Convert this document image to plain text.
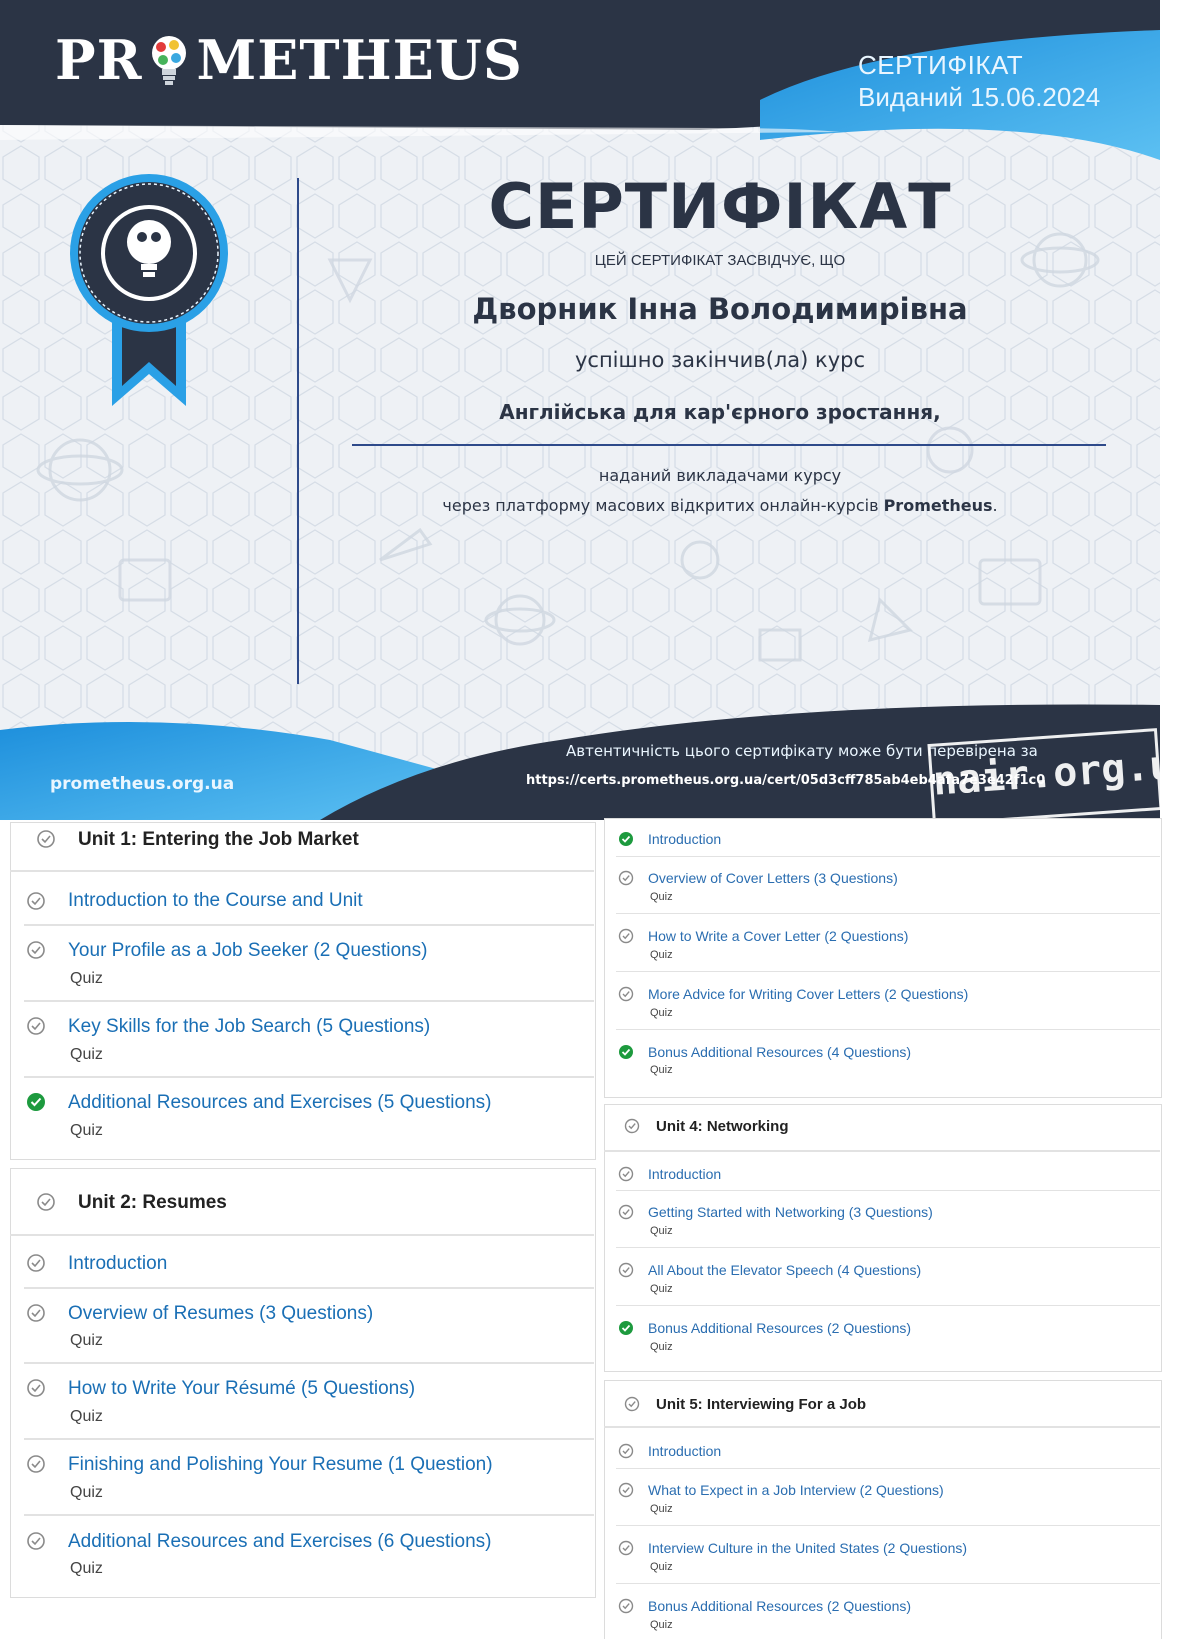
PR METHEUS	СЕРТИФІКАТ
Виданий 15.06.2024
СЕРТИФІКАТ
ЦЕЙ СЕРТИФІКАТ ЗАСВІДЧУЄ, ЩО
Дворник Інна Володимирівна
успішно закінчив(ла) курс
Англійська для кар'єрного зростання,
наданий викладачами курсу
через платформу масових відкритих онлайн-курсів Prometheus.
prometheus.org.ua
Автентичність цього сертифікату може бути перевірена за
https://certs.prometheus.org.ua/cert/05d3cff785ab4eb4afa7e3e42f1c0
nair.org.ua
Unit 1: Entering the Job Market
Introduction to the Course and Unit
Your Profile as a Job Seeker (2 Questions)
Quiz
Key Skills for the Job Search (5 Questions)
Quiz
Additional Resources and Exercises (5 Questions)
Quiz
Unit 2: Resumes
Introduction
Overview of Resumes (3 Questions)
Quiz
How to Write Your Résumé (5 Questions)
Quiz
Finishing and Polishing Your Resume (1 Question)
Quiz
Additional Resources and Exercises (6 Questions)
Quiz
Introduction
Overview of Cover Letters (3 Questions)
Quiz
How to Write a Cover Letter (2 Questions)
Quiz
More Advice for Writing Cover Letters (2 Questions)
Quiz
Bonus Additional Resources (4 Questions)
Quiz
Unit 4: Networking
Introduction
Getting Started with Networking (3 Questions)
Quiz
All About the Elevator Speech (4 Questions)
Quiz
Bonus Additional Resources (2 Questions)
Quiz
Unit 5: Interviewing For a Job
Introduction
What to Expect in a Job Interview (2 Questions)
Quiz
Interview Culture in the United States (2 Questions)
Quiz
Bonus Additional Resources (2 Questions)
Quiz
